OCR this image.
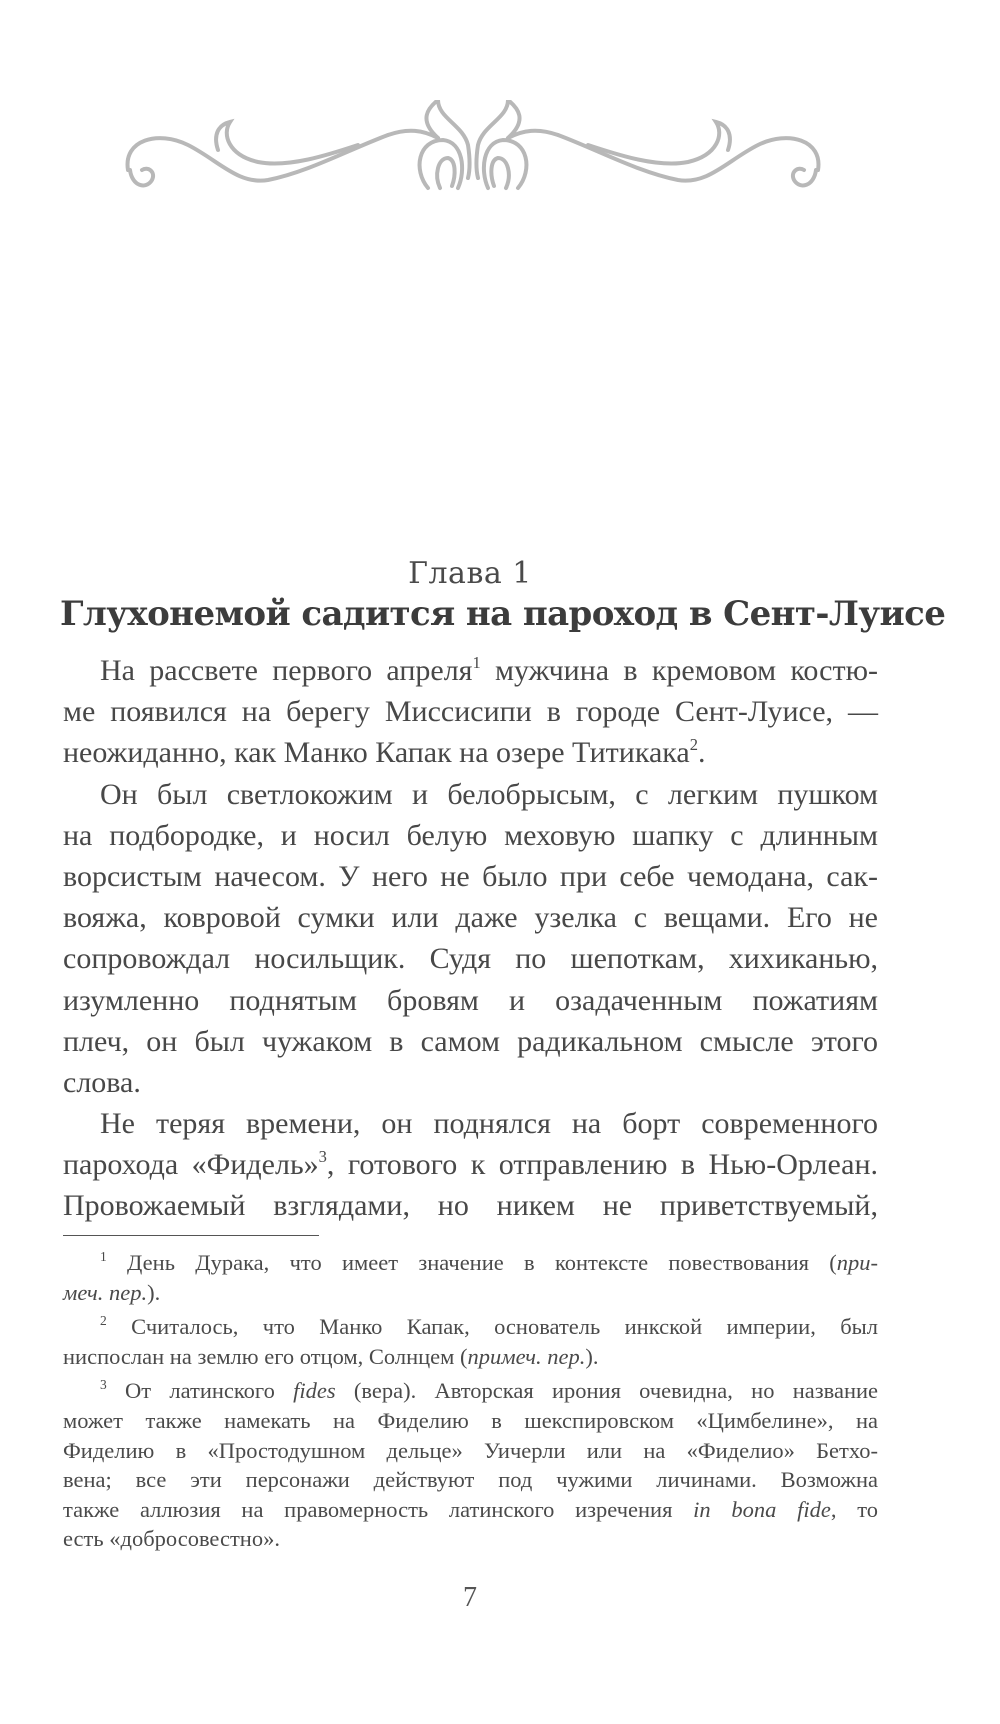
Глава 1
Глухонемой садится на пароход в Сент-Луисе
На рассвете первого апреля$^1$ мужчина в кремовом костю-
ме появился на берегу Миссисипи в городе Сент-Луисе, —
неожиданно, как Манко Капак на озере Титикака$^2$.
Он был светлокожим и белобрысым, с легким пушком
на подбородке, и носил белую меховую шапку с длинным
ворсистым начесом. У него не было при себе чемодана, сак-
вояжа, ковровой сумки или даже узелка с вещами. Его не
сопровождал носильщик. Судя по шепоткам, хихиканью,
изумленно поднятым бровям и озадаченным пожатиям
плеч, он был чужаком в самом радикальном смысле этого
слова.
Не теряя времени, он поднялся на борт современного
парохода «Фидель»$^3$, готового к отправлению в Нью-Орлеан.
Провожаемый взглядами, но никем не приветствуемый,
$^1$ День Дурака, что имеет значение в контексте повествования (при-
меч. пер.).
$^2$ Считалось, что Манко Капак, основатель инкской империи, был
ниспослан на землю его отцом, Солнцем (примеч. пер.).
$^3$ От латинского fides (вера). Авторская ирония очевидна, но название
может также намекать на Фиделию в шекспировском «Цимбелине», на
Фиделию в «Простодушном дельце» Уичерли или на «Фиделио» Бетхо-
вена; все эти персонажи действуют под чужими личинами. Возможна
также аллюзия на правомерность латинского изречения in bona fide, то
есть «добросовестно».
7
